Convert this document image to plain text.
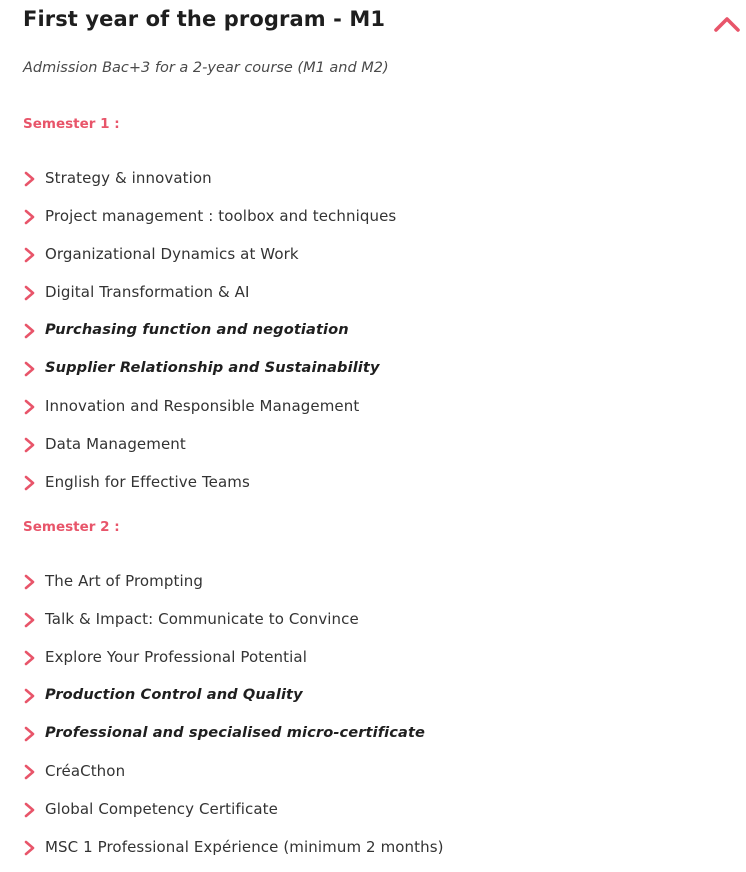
First year of the program - M1
Admission Bac+3 for a 2-year course (M1 and M2)
Semester 1 :
Strategy & innovation
Project management : toolbox and techniques
Organizational Dynamics at Work
Digital Transformation & AI
Purchasing function and negotiation
Supplier Relationship and Sustainability
Innovation and Responsible Management
Data Management
English for Effective Teams
Semester 2 :
The Art of Prompting
Talk & Impact: Communicate to Convince
Explore Your Professional Potential
Production Control and Quality
Professional and specialised micro-certificate
CréaCthon
Global Competency Certificate
MSC 1 Professional Expérience (minimum 2 months)
